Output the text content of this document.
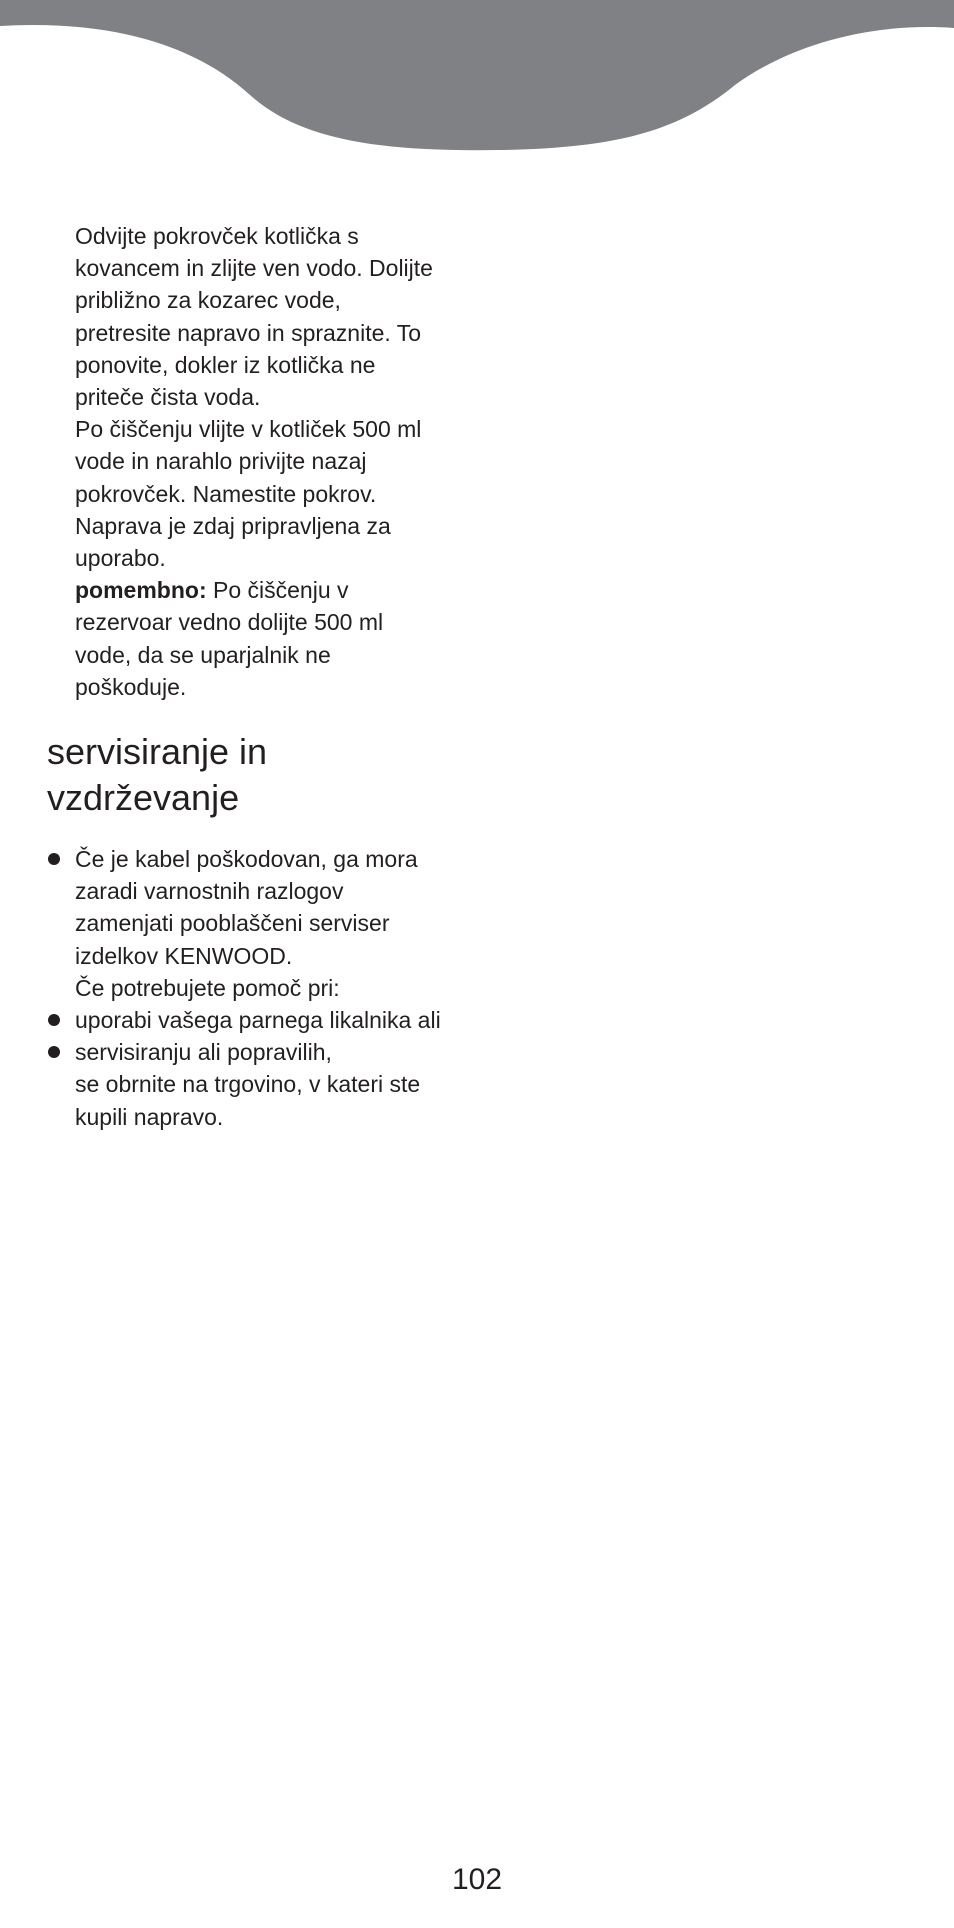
Odvijte pokrovček kotlička s
kovancem in zlijte ven vodo. Dolijte
približno za kozarec vode,
pretresite napravo in spraznite. To
ponovite, dokler iz kotlička ne
priteče čista voda.
Po čiščenju vlijte v kotliček 500 ml
vode in narahlo privijte nazaj
pokrovček. Namestite pokrov.
Naprava je zdaj pripravljena za
uporabo.
pomembno: Po čiščenju v
rezervoar vedno dolijte 500 ml
vode, da se uparjalnik ne
poškoduje.

servisiranje in
vzdrževanje
Če je kabel poškodovan, ga mora
zaradi varnostnih razlogov
zamenjati pooblaščeni serviser
izdelkov KENWOOD.
Če potrebujete pomoč pri:
uporabi vašega parnega likalnika ali
servisiranju ali popravilih,
se obrnite na trgovino, v kateri ste
kupili napravo.
102
